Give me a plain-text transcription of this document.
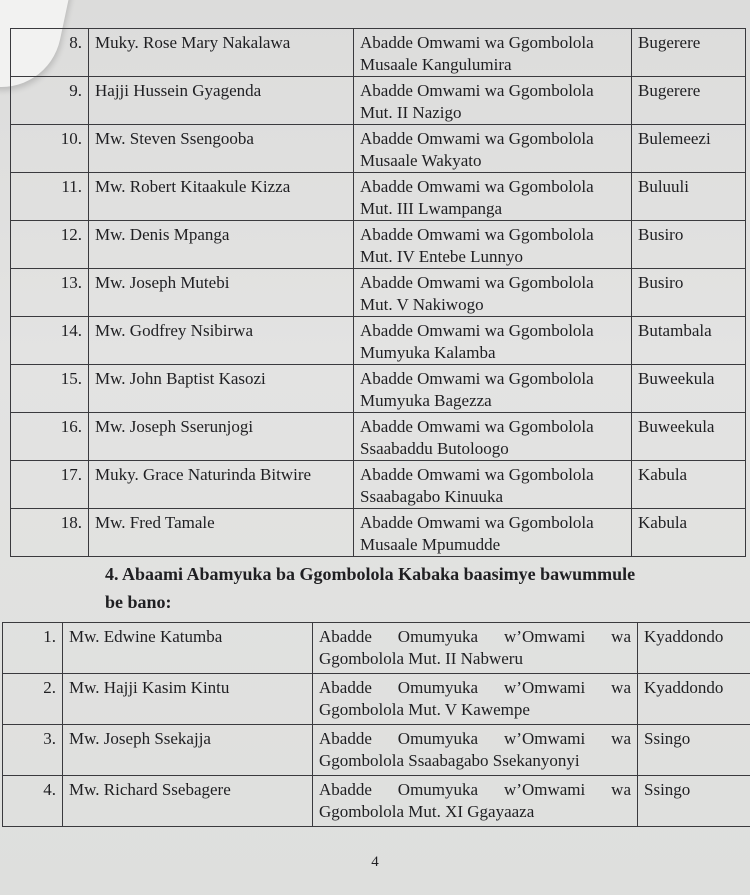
8.	Muky. Rose Mary Nakalawa	Abadde Omwami wa Ggombolola
Musaale Kangulumira	Bugerere
9.	Hajji Hussein Gyagenda	Abadde Omwami wa Ggombolola
Mut. II Nazigo	Bugerere
10.	Mw. Steven Ssengooba	Abadde Omwami wa Ggombolola
Musaale Wakyato	Bulemeezi
11.	Mw. Robert Kitaakule Kizza	Abadde Omwami wa Ggombolola
Mut. III Lwampanga	Buluuli
12.	Mw. Denis Mpanga	Abadde Omwami wa Ggombolola
Mut. IV Entebe Lunnyo	Busiro
13.	Mw. Joseph Mutebi	Abadde Omwami wa Ggombolola
Mut. V Nakiwogo	Busiro
14.	Mw. Godfrey Nsibirwa	Abadde Omwami wa Ggombolola
Mumyuka Kalamba	Butambala
15.	Mw. John Baptist Kasozi	Abadde Omwami wa Ggombolola
Mumyuka Bagezza	Buweekula
16.	Mw. Joseph Sserunjogi	Abadde Omwami wa Ggombolola
Ssaabaddu Butoloogo	Buweekula
17.	Muky. Grace Naturinda Bitwire	Abadde Omwami wa Ggombolola
Ssaabagabo Kinuuka	Kabula
18.	Mw. Fred Tamale	Abadde Omwami wa Ggombolola
Musaale Mpumudde	Kabula
4. Abaami Abamyuka ba Ggombolola Kabaka baasimye bawummule
be bano:
1.	Mw. Edwine Katumba	Abadde Omumyuka w’Omwami wa
Ggombolola Mut. II Nabweru	Kyaddondo
2.	Mw. Hajji Kasim Kintu	Abadde Omumyuka w’Omwami wa
Ggombolola Mut. V Kawempe	Kyaddondo
3.	Mw. Joseph Ssekajja	Abadde Omumyuka w’Omwami wa
Ggombolola Ssaabagabo Ssekanyonyi	Ssingo
4.	Mw. Richard Ssebagere	Abadde Omumyuka w’Omwami wa
Ggombolola Mut. XI Ggayaaza	Ssingo
4
